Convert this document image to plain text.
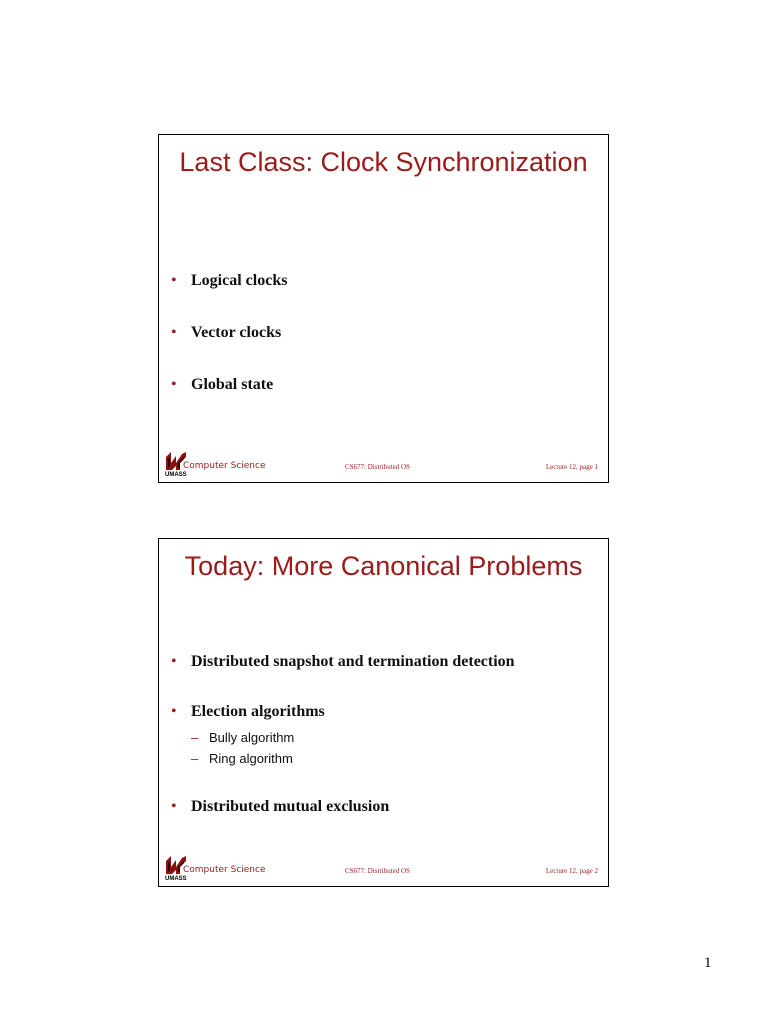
Last Class: Clock Synchronization
• Logical clocks
• Vector clocks
• Global state
UMASS
Computer Science	CS677: Distributed OS	Lecture 12, page 1
Today: More Canonical Problems
• Distributed snapshot and termination detection
• Election algorithms
– Bully algorithm
– Ring algorithm
• Distributed mutual exclusion
UMASS
Computer Science	CS677: Distributed OS	Lecture 12, page 2
1
